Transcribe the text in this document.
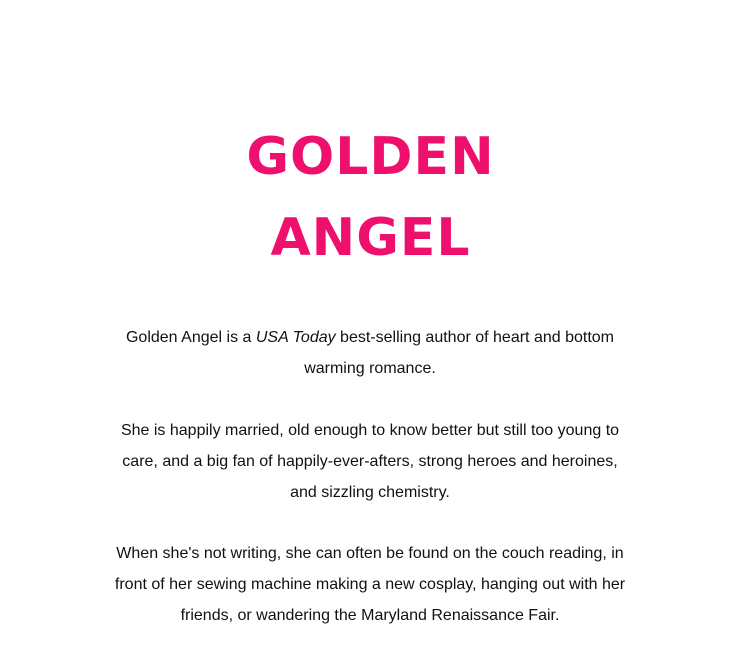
GOLDEN
ANGEL
Golden Angel is a USA Today best-selling author of heart and bottom
warming romance.
She is happily married, old enough to know better but still too young to
care, and a big fan of happily-ever-afters, strong heroes and heroines,
and sizzling chemistry.
When she's not writing, she can often be found on the couch reading, in
front of her sewing machine making a new cosplay, hanging out with her
friends, or wandering the Maryland Renaissance Fair.
